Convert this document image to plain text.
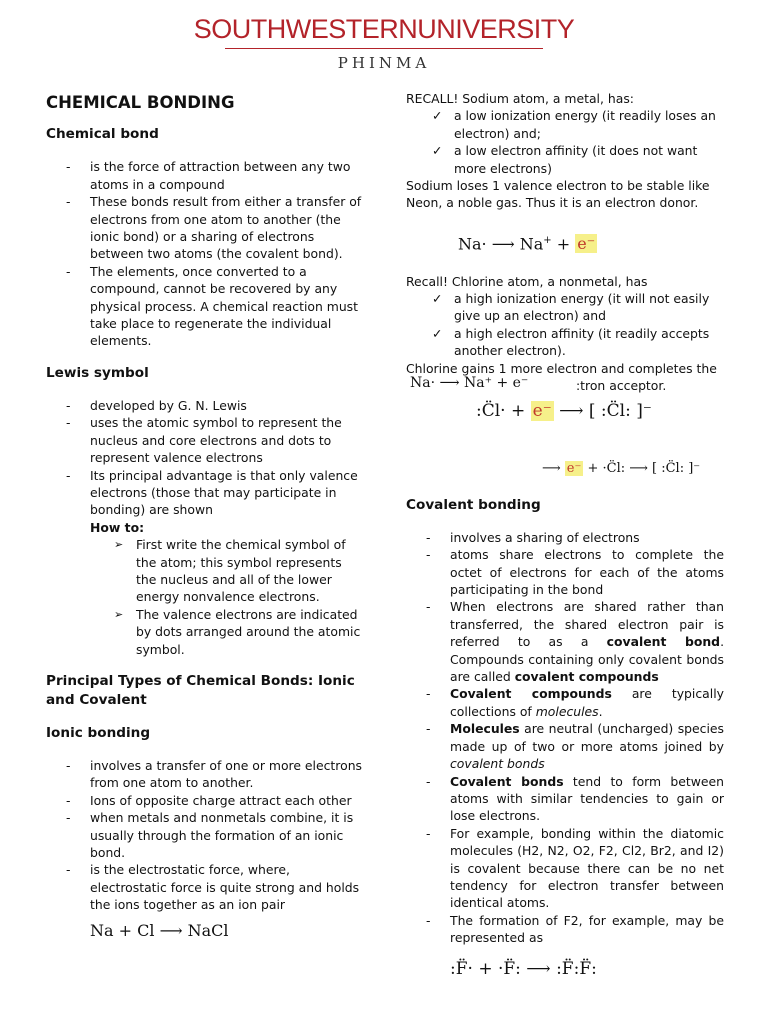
SOUTHWESTERNUNIVERSITY
PHINMA
CHEMICAL BONDING
Chemical bond
- is the force of attraction between any two atoms in a compound
- These bonds result from either a transfer of electrons from one atom to another (the ionic bond) or a sharing of electrons between two atoms (the covalent bond).
- The elements, once converted to a compound, cannot be recovered by any physical process. A chemical reaction must take place to regenerate the individual elements.
Lewis symbol
- developed by G. N. Lewis
- uses the atomic symbol to represent the nucleus and core electrons and dots to represent valence electrons
- Its principal advantage is that only valence electrons (those that may participate in bonding) are shown
How to:
➢ First write the chemical symbol of the atom; this symbol represents the nucleus and all of the lower energy nonvalence electrons.
➢ The valence electrons are indicated by dots arranged around the atomic symbol.
Principal Types of Chemical Bonds: Ionic and Covalent
Ionic bonding
- involves a transfer of one or more electrons from one atom to another.
- Ions of opposite charge attract each other
- when metals and nonmetals combine, it is usually through the formation of an ionic bond.
- is the electrostatic force, where, electrostatic force is quite strong and holds the ions together as an ion pair
Na + Cl ⟶ NaCl
RECALL! Sodium atom, a metal, has:
✓ a low ionization energy (it readily loses an electron) and;
✓ a low electron affinity (it does not want more electrons)
Sodium loses 1 valence electron to be stable like Neon, a noble gas. Thus it is an electron donor.
Na· ⟶ Na+ + e⁻
Recall! Chlorine atom, a nonmetal, has
✓ a high ionization energy (it will not easily give up an electron) and
✓ a high electron affinity (it readily accepts another electron).
Chlorine gains 1 more electron and completes the
Na· ⟶ Na⁺ + e⁻	:tron acceptor.
:C̈l· + e⁻ ⟶ [ :C̈l: ]⁻
⟶ e⁻ + ·C̈l: ⟶ [ :C̈l: ]⁻
Covalent bonding
- involves a sharing of electrons
- atoms share electrons to complete the octet of electrons for each of the atoms participating in the bond
- When electrons are shared rather than transferred, the shared electron pair is referred to as a covalent bond. Compounds containing only covalent bonds are called covalent compounds
- Covalent compounds are typically collections of molecules.
- Molecules are neutral (uncharged) species made up of two or more atoms joined by covalent bonds
- Covalent bonds tend to form between atoms with similar tendencies to gain or lose electrons.
- For example, bonding within the diatomic molecules (H2, N2, O2, F2, Cl2, Br2, and I2) is covalent because there can be no net tendency for electron transfer between identical atoms.
- The formation of F2, for example, may be represented as
:F̈· + ·F̈: ⟶ :F̈:F̈:
